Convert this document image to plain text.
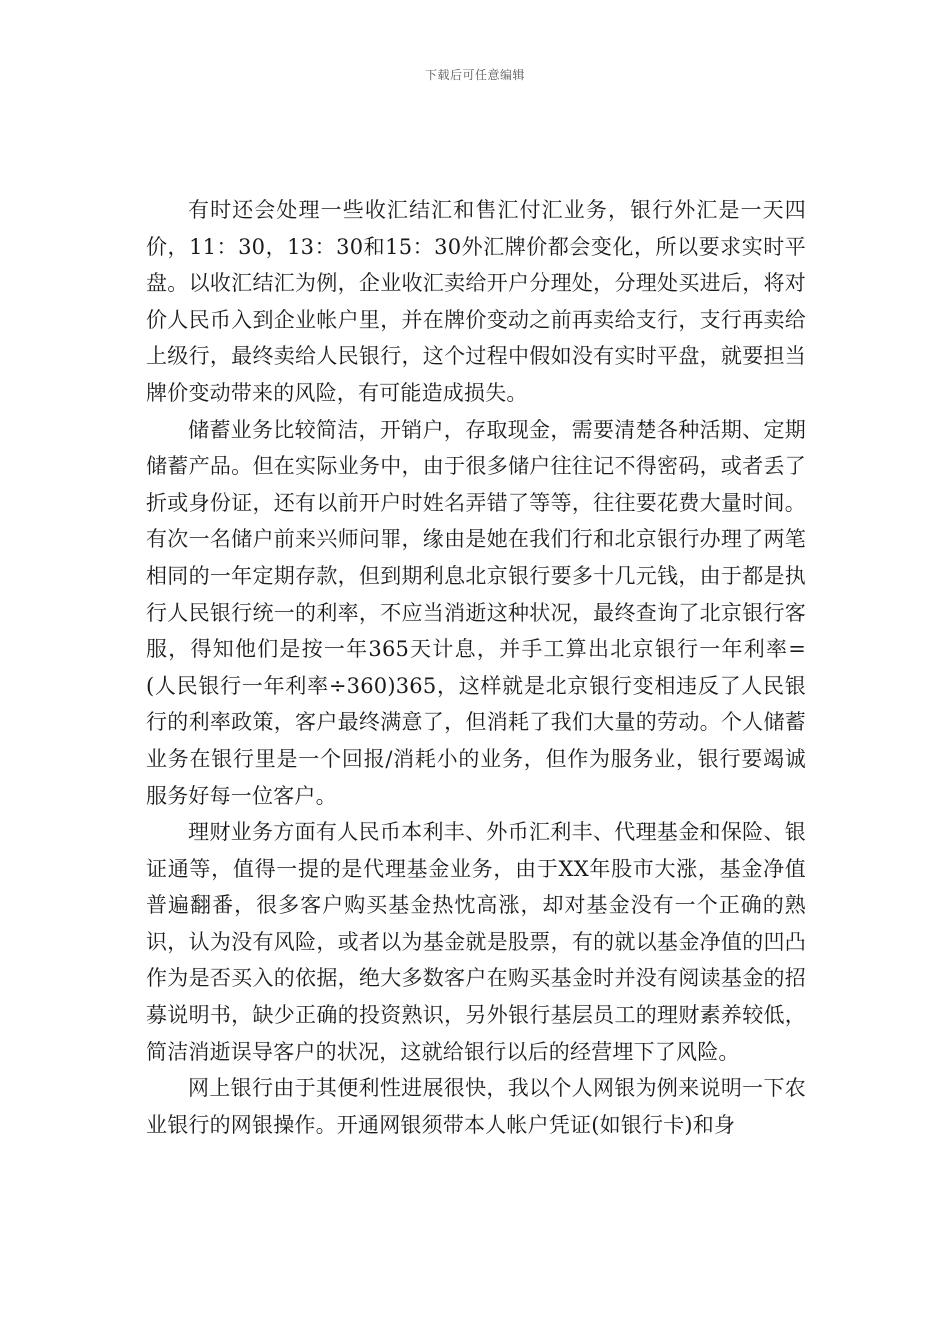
下载后可任意编辑

有时还会处理一些收汇结汇和售汇付汇业务，银行外汇是一天四价，11：30，13：30和15：30外汇牌价都会变化，所以要求实时平盘。以收汇结汇为例，企业收汇卖给开户分理处，分理处买进后，将对价人民币入到企业帐户里，并在牌价变动之前再卖给支行，支行再卖给上级行，最终卖给人民银行，这个过程中假如没有实时平盘，就要担当牌价变动带来的风险，有可能造成损失。

储蓄业务比较简洁，开销户，存取现金，需要清楚各种活期、定期储蓄产品。但在实际业务中，由于很多储户往往记不得密码，或者丢了折或身份证，还有以前开户时姓名弄错了等等，往往要花费大量时间。有次一名储户前来兴师问罪，缘由是她在我们行和北京银行办理了两笔相同的一年定期存款，但到期利息北京银行要多十几元钱，由于都是执行人民银行统一的利率，不应当消逝这种状况，最终查询了北京银行客服，得知他们是按一年365天计息，并手工算出北京银行一年利率=(人民银行一年利率÷360)365，这样就是北京银行变相违反了人民银行的利率政策，客户最终满意了，但消耗了我们大量的劳动。个人储蓄业务在银行里是一个回报/消耗小的业务，但作为服务业，银行要竭诚服务好每一位客户。

理财业务方面有人民币本利丰、外币汇利丰、代理基金和保险、银证通等，值得一提的是代理基金业务，由于XX年股市大涨，基金净值普遍翻番，很多客户购买基金热忱高涨，却对基金没有一个正确的熟识，认为没有风险，或者以为基金就是股票，有的就以基金净值的凹凸作为是否买入的依据，绝大多数客户在购买基金时并没有阅读基金的招募说明书，缺少正确的投资熟识，另外银行基层员工的理财素养较低，简洁消逝误导客户的状况，这就给银行以后的经营埋下了风险。

网上银行由于其便利性进展很快，我以个人网银为例来说明一下农业银行的网银操作。开通网银须带本人帐户凭证(如银行卡)和身
